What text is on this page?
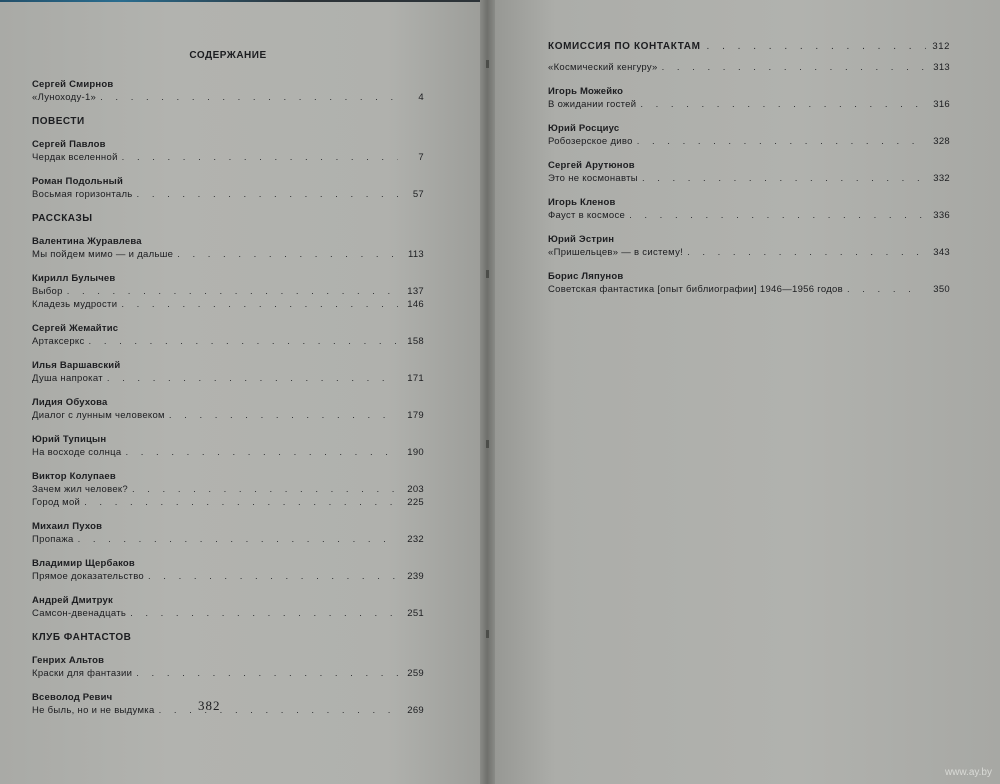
СОДЕРЖАНИЕ
Сергей Смирнов
«Луноходу-1» . . .	4
ПОВЕСТИ
Сергей Павлов
Чердак вселенной . . .	7
Роман Подольный
Восьмая горизонталь . . .	57
РАССКАЗЫ
Валентина Журавлева
Мы пойдем мимо — и дальше . . .	113
Кирилл Булычев
Выбор . . .	137
Кладезь мудрости . . .	146
Сергей Жемайтис
Артаксеркс . . .	158
Илья Варшавский
Душа напрокат . . .	171
Лидия Обухова
Диалог с лунным человеком . . .	179
Юрий Тупицын
На восходе солнца . . .	190
Виктор Колупаев
Зачем жил человек? . . .	203
Город мой . . .	225
Михаил Пухов
Пропажа . . .	232
Владимир Щербаков
Прямое доказательство . . .	239
Андрей Дмитрук
Самсон-двенадцать . . .	251
КЛУБ ФАНТАСТОВ
Генрих Альтов
Краски для фантазии . . .	259
Всеволод Ревич
Не быль, но и не выдумка . . .	269
382
КОМИССИЯ ПО КОНТАКТАМ . . .	312
«Космический кенгуру» . . .	313
Игорь Можейко
В ожидании гостей . . .	316
Юрий Росциус
Робозерское диво . . .	328
Сергей Арутюнов
Это не космонавты . . .	332
Игорь Кленов
Фауст в космосе . . .	336
Юрий Эстрин
«Пришельцев» — в систему! . . .	343
Борис Ляпунов
Советская фантастика [опыт библиографии] 1946—1956 годов . . .	350
www.ay.by
